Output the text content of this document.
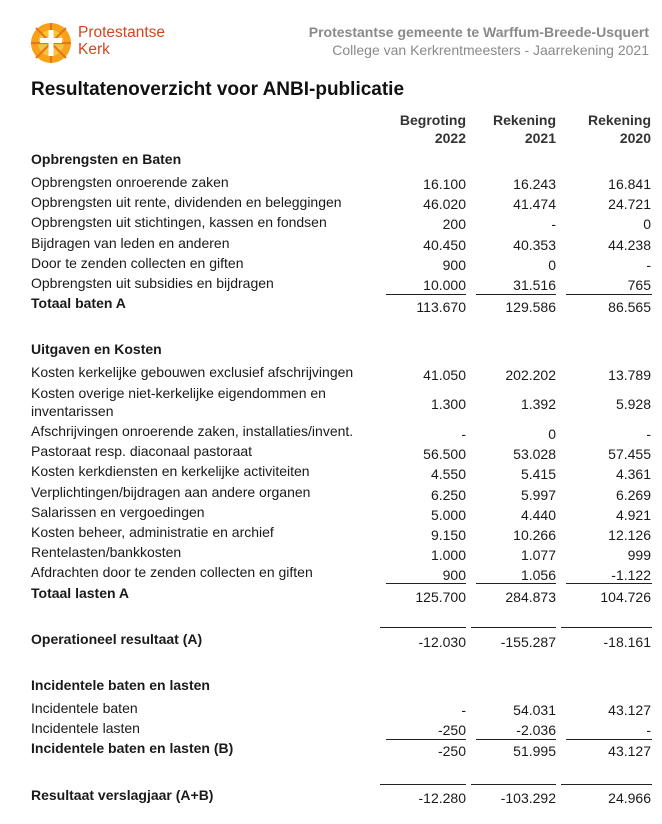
Protestantse
Kerk
Protestantse gemeente te Warffum-Breede-Usquert
College van Kerkrentmeesters - Jaarrekening 2021
Resultatenoverzicht voor ANBI-publicatie
Begroting
2022
Rekening
2021
Rekening
2020
Opbrengsten en Baten
Opbrengsten onroerende zaken	16.100	16.243	16.841
Opbrengsten uit rente, dividenden en beleggingen	46.020	41.474	24.721
Opbrengsten uit stichtingen, kassen en fondsen	200	-	0
Bijdragen van leden en anderen	40.450	40.353	44.238
Door te zenden collecten en giften	900	0	-
Opbrengsten uit subsidies en bijdragen	10.000	31.516	765
Totaal baten A	113.670	129.586	86.565
Uitgaven en Kosten
Kosten kerkelijke gebouwen exclusief afschrijvingen	41.050	202.202	13.789
Kosten overige niet-kerkelijke eigendommen en
inventarissen	1.300	1.392	5.928
Afschrijvingen onroerende zaken, installaties/invent.	-	0	-
Pastoraat resp. diaconaal pastoraat	56.500	53.028	57.455
Kosten kerkdiensten en kerkelijke activiteiten	4.550	5.415	4.361
Verplichtingen/bijdragen aan andere organen	6.250	5.997	6.269
Salarissen en vergoedingen	5.000	4.440	4.921
Kosten beheer, administratie en archief	9.150	10.266	12.126
Rentelasten/bankkosten	1.000	1.077	999
Afdrachten door te zenden collecten en giften	900	1.056	-1.122
Totaal lasten A	125.700	284.873	104.726
Operationeel resultaat (A)	-12.030	-155.287	-18.161
Incidentele baten en lasten
Incidentele baten	-	54.031	43.127
Incidentele lasten	-250	-2.036	-
Incidentele baten en lasten (B)	-250	51.995	43.127
Resultaat verslagjaar (A+B)	-12.280	-103.292	24.966
